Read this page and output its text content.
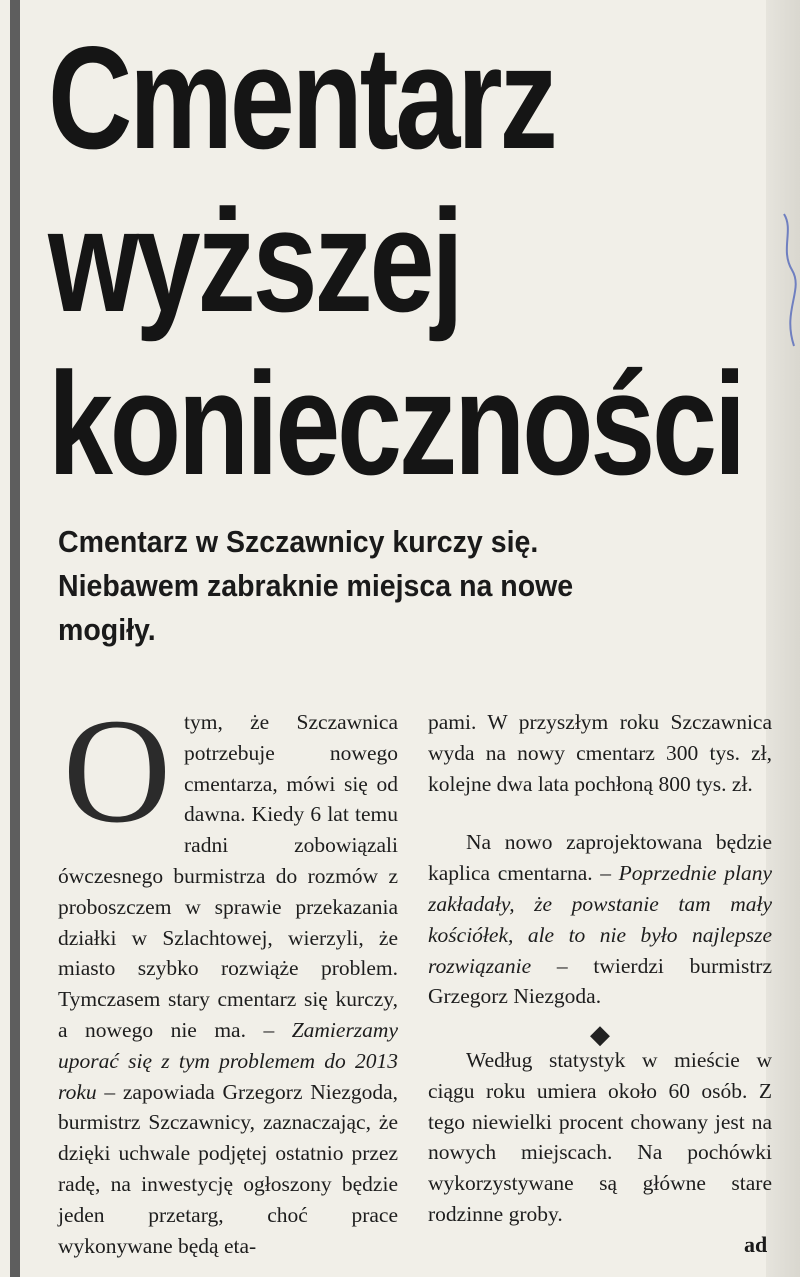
Cmentarz
wyższej
konieczności
Cmentarz w Szczawnicy kurczy się.
Niebawem zabraknie miejsca na nowe
mogiły.
O tym, że Szczawnica potrzebuje nowego cmentarza, mówi się od dawna. Kiedy 6 lat temu radni zobowiązali ówczesnego burmistrza do rozmów z proboszczem w sprawie przekazania działki w Szlachtowej, wierzyli, że miasto szybko rozwiąże problem. Tymczasem stary cmentarz się kurczy, a nowego nie ma. – Zamierzamy uporać się z tym problemem do 2013 roku – zapowiada Grzegorz Niezgoda, burmistrz Szczawnicy, zaznaczając, że dzięki uchwale podjętej ostatnio przez radę, na inwestycję ogłoszony będzie jeden przetarg, choć prace wykonywane będą eta-

pami. W przyszłym roku Szczawnica wyda na nowy cmentarz 300 tys. zł, kolejne dwa lata pochłoną 800 tys. zł.

Na nowo zaprojektowana będzie kaplica cmentarna. – Poprzednie plany zakładały, że powstanie tam mały kościółek, ale to nie było najlepsze rozwiązanie – twierdzi burmistrz Grzegorz Niezgoda.

◆

Według statystyk w mieście w ciągu roku umiera około 60 osób. Z tego niewielki procent chowany jest na nowych miejscach. Na pochówki wykorzystywane są główne stare rodzinne groby.

ad
